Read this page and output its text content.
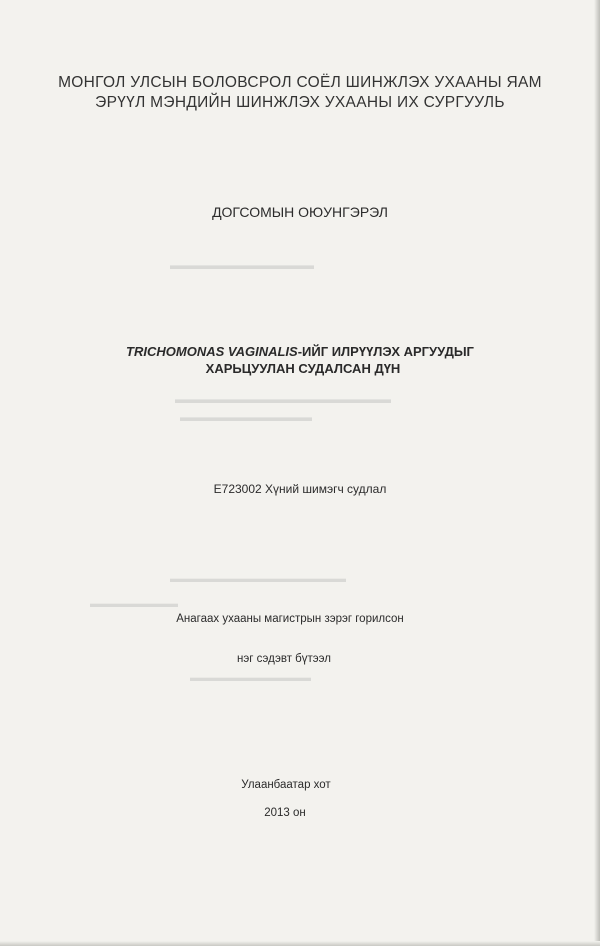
▬▬▬▬▬▬▬▬▬▬▬▬
▬▬▬▬▬▬▬▬▬▬▬▬▬▬▬▬▬▬
▬▬▬▬▬▬▬▬▬▬▬
▬▬▬▬▬▬▬▬▬▬▬▬▬▬▬▬
▬▬▬▬▬▬▬▬
▬▬▬▬▬▬▬▬▬▬▬
МОНГОЛ УЛСЫН БОЛОВСРОЛ СОЁЛ ШИНЖЛЭХ УХААНЫ ЯАМ
ЭРҮҮЛ МЭНДИЙН ШИНЖЛЭХ УХААНЫ ИХ СУРГУУЛЬ
ДОГСОМЫН ОЮУНГЭРЭЛ
TRICHOMONAS VAGINALIS-ИЙГ ИЛРҮҮЛЭХ АРГУУДЫГ
ХАРЬЦУУЛАН СУДАЛСАН ДҮН
E723002 Хүний шимэгч судлал
Анагаах ухааны магистрын зэрэг горилсон
нэг сэдэвт бүтээл
Улаанбаатар хот
2013 он
